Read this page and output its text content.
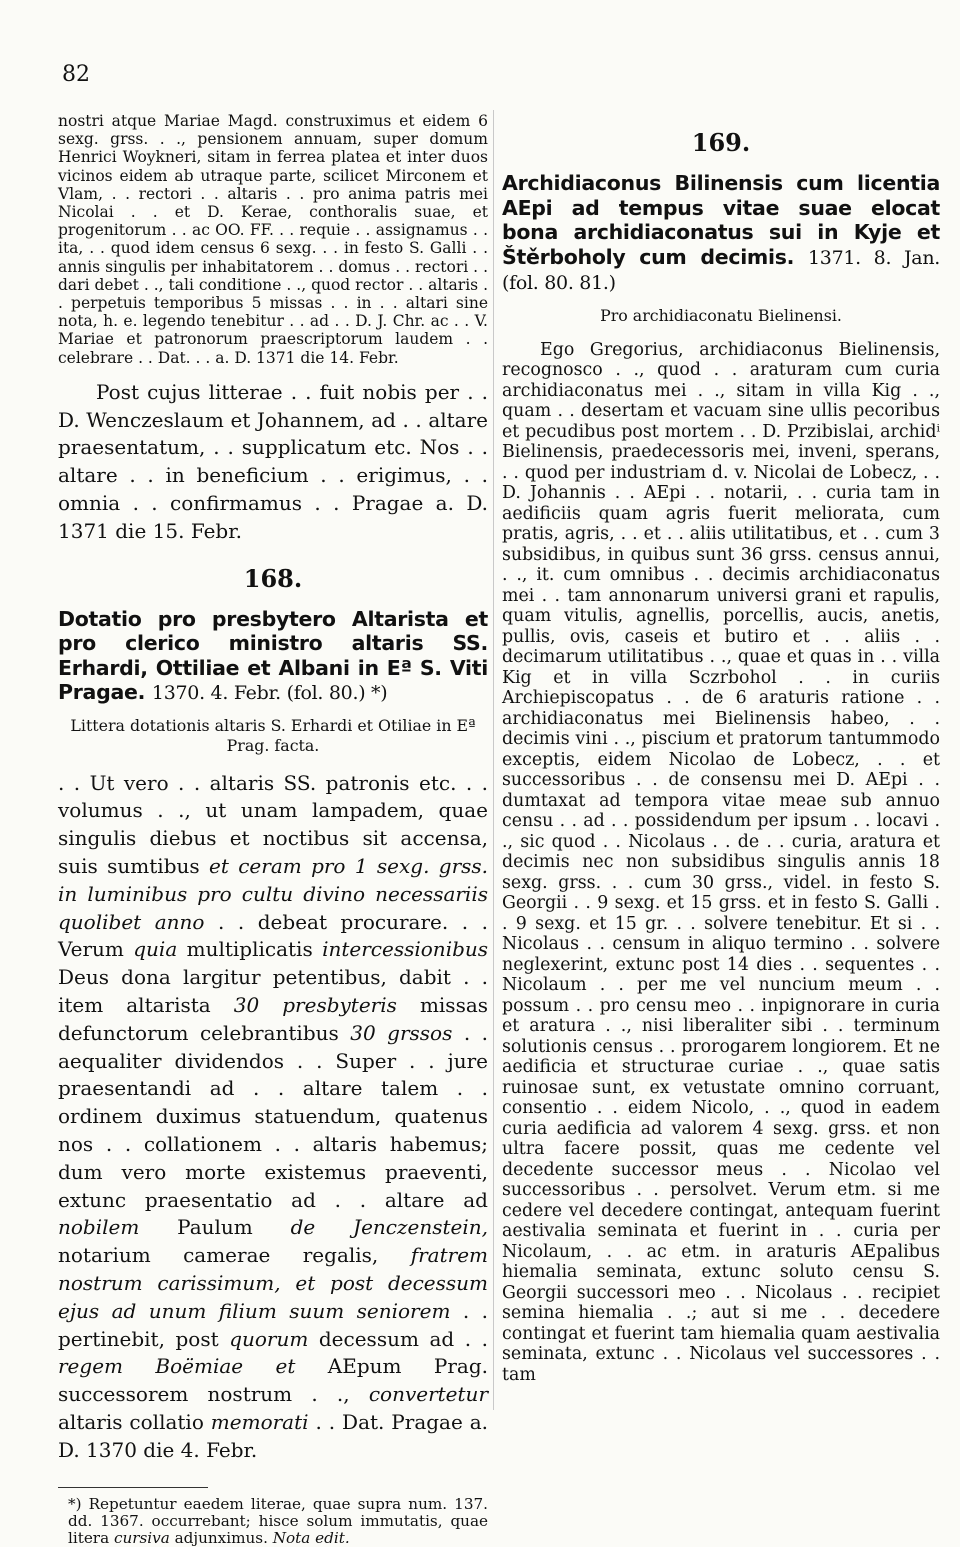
82

nostri atque Mariae Magd. construximus et eidem 6 sexg. grss. . ., pensionem annuam, super domum Henrici Woykneri, sitam in ferrea platea et inter duos vicinos eidem ab utraque parte, scilicet Mirconem et Vlam, . . rectori . . altaris . . pro anima patris mei Nicolai . . et D. Kerae, conthoralis suae, et progenitorum . . ac OO. FF. . . requie . . assignamus . . ita, . . quod idem census 6 sexg. . . in festo S. Galli . . annis singulis per inhabitatorem . . domus . . rectori . . dari debet . ., tali conditione . ., quod rector . . altaris . . perpetuis temporibus 5 missas . . in . . altari sine nota, h. e. legendo tenebitur . . ad . . D. J. Chr. ac . . V. Mariae et patronorum praescriptorum laudem . . celebrare . . Dat. . . a. D. 1371 die 14. Febr.

Post cujus litterae . . fuit nobis per . . D. Wenczeslaum et Johannem, ad . . altare praesentatum, . . supplicatum etc. Nos . . altare . . in beneficium . . erigimus, . . omnia . . confirmamus . . Pragae a. D. 1371 die 15. Febr.

168.

Dotatio pro presbytero Altarista et pro clerico ministro altaris SS. Erhardi, Ottiliae et Albani in Eª S. Viti Pragae. 1370. 4. Febr. (fol. 80.) *)

Littera dotationis altaris S. Erhardi et Otiliae in Eª Prag. facta.

. . Ut vero . . altaris SS. patronis etc. . . volumus . ., ut unam lampadem, quae singulis diebus et noctibus sit accensa, suis sumtibus et ceram pro 1 sexg. grss. in luminibus pro cultu divino necessariis quolibet anno . . debeat procurare. . . Verum quia multiplicatis intercessionibus Deus dona largitur petentibus, dabit . . item altarista 30 presbyteris missas defunctorum celebrantibus 30 grssos . . aequaliter dividendos . . Super . . jure praesentandi ad . . altare talem . . ordinem duximus statuendum, quatenus nos . . collationem . . altaris habemus; dum vero morte existemus praeventi, extunc praesentatio ad . . altare ad nobilem Paulum de Jenczenstein, notarium camerae regalis, fratrem nostrum carissimum, et post decessum ejus ad unum filium suum seniorem . . pertinebit, post quorum decessum ad . . regem Boëmiae et AEpum Prag. successorem nostrum . ., convertetur altaris collatio memorati . . Dat. Pragae a. D. 1370 die 4. Febr.

*) Repetuntur eaedem literae, quae supra num. 137. dd. 1367. occurrebant; hisce solum immutatis, quae litera cursiva adjunximus. Nota edit.

169.

Archidiaconus Bilinensis cum licentia AEpi ad tempus vitae suae elocat bona archidiaconatus sui in Kyje et Štěrboholy cum decimis. 1371. 8. Jan. (fol. 80. 81.)

Pro archidiaconatu Bielinensi.

Ego Gregorius, archidiaconus Bielinensis, recognosco . ., quod . . araturam cum curia archidiaconatus mei . ., sitam in villa Kig . ., quam . . desertam et vacuam sine ullis pecoribus et pecudibus post mortem . . D. Przibislai, archidⁱ Bielinensis, praedecessoris mei, inveni, sperans, . . quod per industriam d. v. Nicolai de Lobecz, . . D. Johannis . . AEpi . . notarii, . . curia tam in aedificiis quam agris fuerit meliorata, cum pratis, agris, . . et . . aliis utilitatibus, et . . cum 3 subsidibus, in quibus sunt 36 grss. census annui, . ., it. cum omnibus . . decimis archidiaconatus mei . . tam annonarum universi grani et rapulis, quam vitulis, agnellis, porcellis, aucis, anetis, pullis, ovis, caseis et butiro et . . aliis . . decimarum utilitatibus . ., quae et quas in . . villa Kig et in villa Sczrbohol . . in curiis Archiepiscopatus . . de 6 araturis ratione . . archidiaconatus mei Bielinensis habeo, . . decimis vini . ., piscium et pratorum tantummodo exceptis, eidem Nicolao de Lobecz, . . et successoribus . . de consensu mei D. AEpi . . dumtaxat ad tempora vitae meae sub annuo censu . . ad . . possidendum per ipsum . . locavi . ., sic quod . . Nicolaus . . de . . curia, aratura et decimis nec non subsidibus singulis annis 18 sexg. grss. . . cum 30 grss., videl. in festo S. Georgii . . 9 sexg. et 15 grss. et in festo S. Galli . . 9 sexg. et 15 gr. . . solvere tenebitur. Et si . . Nicolaus . . censum in aliquo termino . . solvere neglexerint, extunc post 14 dies . . sequentes . . Nicolaum . . per me vel nuncium meum . . possum . . pro censu meo . . inpignorare in curia et aratura . ., nisi liberaliter sibi . . terminum solutionis census . . prorogarem longiorem. Et ne aedificia et structurae curiae . ., quae satis ruinosae sunt, ex vetustate omnino corruant, consentio . . eidem Nicolo, . ., quod in eadem curia aedificia ad valorem 4 sexg. grss. et non ultra facere possit, quas me cedente vel decedente successor meus . . Nicolao vel successoribus . . persolvet. Verum etm. si me cedere vel decedere contingat, antequam fuerint aestivalia seminata et fuerint in . . curia per Nicolaum, . . ac etm. in araturis AEpalibus hiemalia seminata, extunc soluto censu S. Georgii successori meo . . Nicolaus . . recipiet semina hiemalia . .; aut si me . . decedere contingat et fuerint tam hiemalia quam aestivalia seminata, extunc . . Nicolaus vel successores . . tam
